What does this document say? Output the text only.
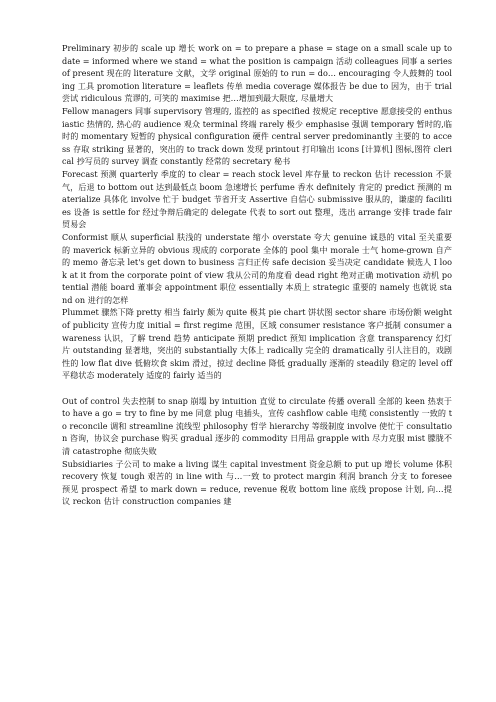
Preliminary 初步的 scale up 增长 work on = to prepare a phase = stage on a small scale up to date = informed where we stand = what the position is campaign 活动 colleagues 同事 a series of present 现在的 literature 文献，文学 original 原始的 to run = do… encouraging 令人鼓舞的 tooling 工具 promotion literature = leaflets 传单 media coverage 媒体报告 be due to 因为，由于 trial 尝试 ridiculous 荒谬的, 可笑的 maximise 把…增加到最大限度, 尽量增大

Fellow managers 同事 supervisory 管理的, 监控的 as specified 按规定 receptive 愿意接受的 enthusiastic 热情的, 热心的 audience 观众 terminal 终端 rarely 极少 emphasise 强调 temporary 暂时的,临时的 momentary 短暂的 physical configuration 硬件 central server predominantly 主要的 to access 存取 striking 显著的，突出的 to track down 发现 printout 打印输出 icons [计算机] 图标,图符 clerical 抄写员的 survey 调查 constantly 经常的 secretary 秘书

Forecast 预测 quarterly 季度的 to clear = reach stock level 库存量 to reckon 估计 recession 不景气，后退 to bottom out 达到最低点 boom 急速增长 perfume 香水 definitely 肯定的 predict 预测的 materialize 具体化 involve 忙于 budget 节省开支 Assertive 自信心 submissive 服从的，谦虚的 facilities 设备 is settle for 经过争辩后确定的 delegate 代表 to sort out 整理，选出 arrange 安排 trade fair 贸易会

Conformist 顺从 superficial 肤浅的 understate 缩小 overstate 夸大 genuine 诚恳的 vital 至关重要的 maverick 标新立异的 obvious 现成的 corporate 全体的 pool 集中 morale 士气 home-grown 自产的 memo 备忘录 let's get down to business 言归正传 safe decision 妥当决定 candidate 候选人 I look at it from the corporate point of view 我从公司的角度看 dead right 绝对正确 motivation 动机 potential 潜能 board 董事会 appointment 职位 essentially 本质上 strategic 重要的 namely 也就说 stand on 进行的怎样

Plummet 骤然下降 pretty 相当 fairly 颇为 quite 极其 pie chart 饼状图 sector share 市场份额 weight of publicity 宣传力度 initial = first regime 范围，区域 consumer resistance 客户抵制 consumer awareness 认识，了解 trend 趋势 anticipate 预期 predict 预知 implication 含意 transparency 幻灯片 outstanding 显著地，突出的 substantially 大体上 radically 完全的 dramatically 引人注目的，戏剧性的 low flat dive 低俯坎食 skim 滑过，掠过 decline 降低 gradually 逐渐的 steadily 稳定的 level off 平稳状态 moderately 适度的 fairly 适当的

Out of control 失去控制 to snap 崩塌 by intuition 直觉 to circulate 传播 overall 全部的 keen 热衷于 to have a go = try to fine by me 同意 plug 电插头，宣传 cashflow cable 电缆 consistently 一致的 to reconcile 调和 streamline 流线型 philosophy 哲学 hierarchy 等级制度 involve 使忙于 consultation 咨询，协议会 purchase 购买 gradual 逐步的 commodity 日用品 grapple with 尽力克服 mist 朦胧不清 catastrophe 彻底失败

Subsidiaries 子公司 to make a living 谋生 capital investment 资金总额 to put up 增长 volume 体积 recovery 恢复 tough 艰苦的 in line with 与…一致 to protect margin 利润 branch 分支 to foresee 预见 prospect 希望 to mark down = reduce, revenue 税收 bottom line 底线 propose 计划, 向…提议 reckon 估计 construction companies 建
